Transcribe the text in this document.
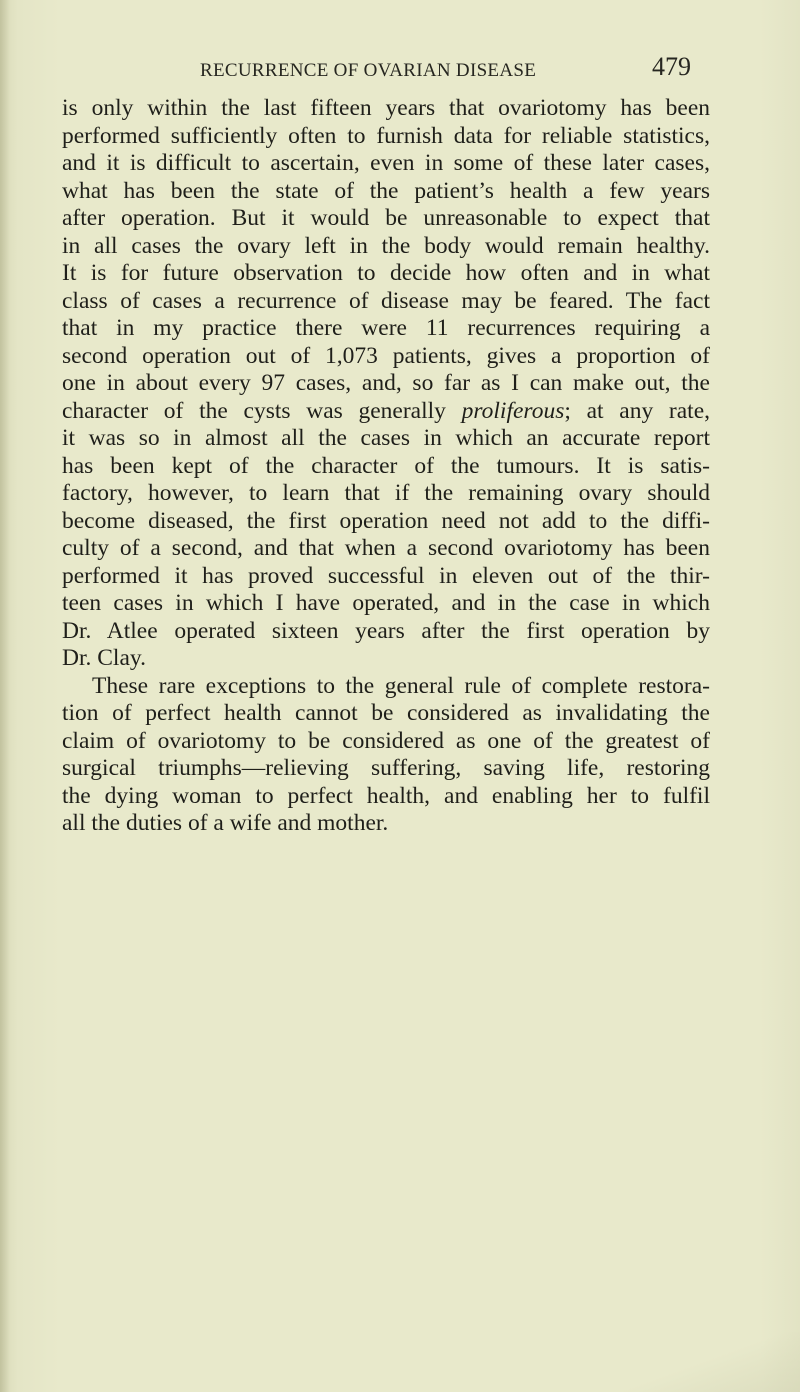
RECURRENCE OF OVARIAN DISEASE	479
is only within the last fifteen years that ovariotomy has been
performed sufficiently often to furnish data for reliable statistics,
and it is difficult to ascertain, even in some of these later cases,
what has been the state of the patient’s health a few years
after operation. But it would be unreasonable to expect that
in all cases the ovary left in the body would remain healthy.
It is for future observation to decide how often and in what
class of cases a recurrence of disease may be feared. The fact
that in my practice there were 11 recurrences requiring a
second operation out of 1,073 patients, gives a proportion of
one in about every 97 cases, and, so far as I can make out, the
character of the cysts was generally proliferous; at any rate,
it was so in almost all the cases in which an accurate report
has been kept of the character of the tumours. It is satis-
factory, however, to learn that if the remaining ovary should
become diseased, the first operation need not add to the diffi-
culty of a second, and that when a second ovariotomy has been
performed it has proved successful in eleven out of the thir-
teen cases in which I have operated, and in the case in which
Dr. Atlee operated sixteen years after the first operation by
Dr. Clay.
These rare exceptions to the general rule of complete restora-
tion of perfect health cannot be considered as invalidating the
claim of ovariotomy to be considered as one of the greatest of
surgical triumphs—relieving suffering, saving life, restoring
the dying woman to perfect health, and enabling her to fulfil
all the duties of a wife and mother.
